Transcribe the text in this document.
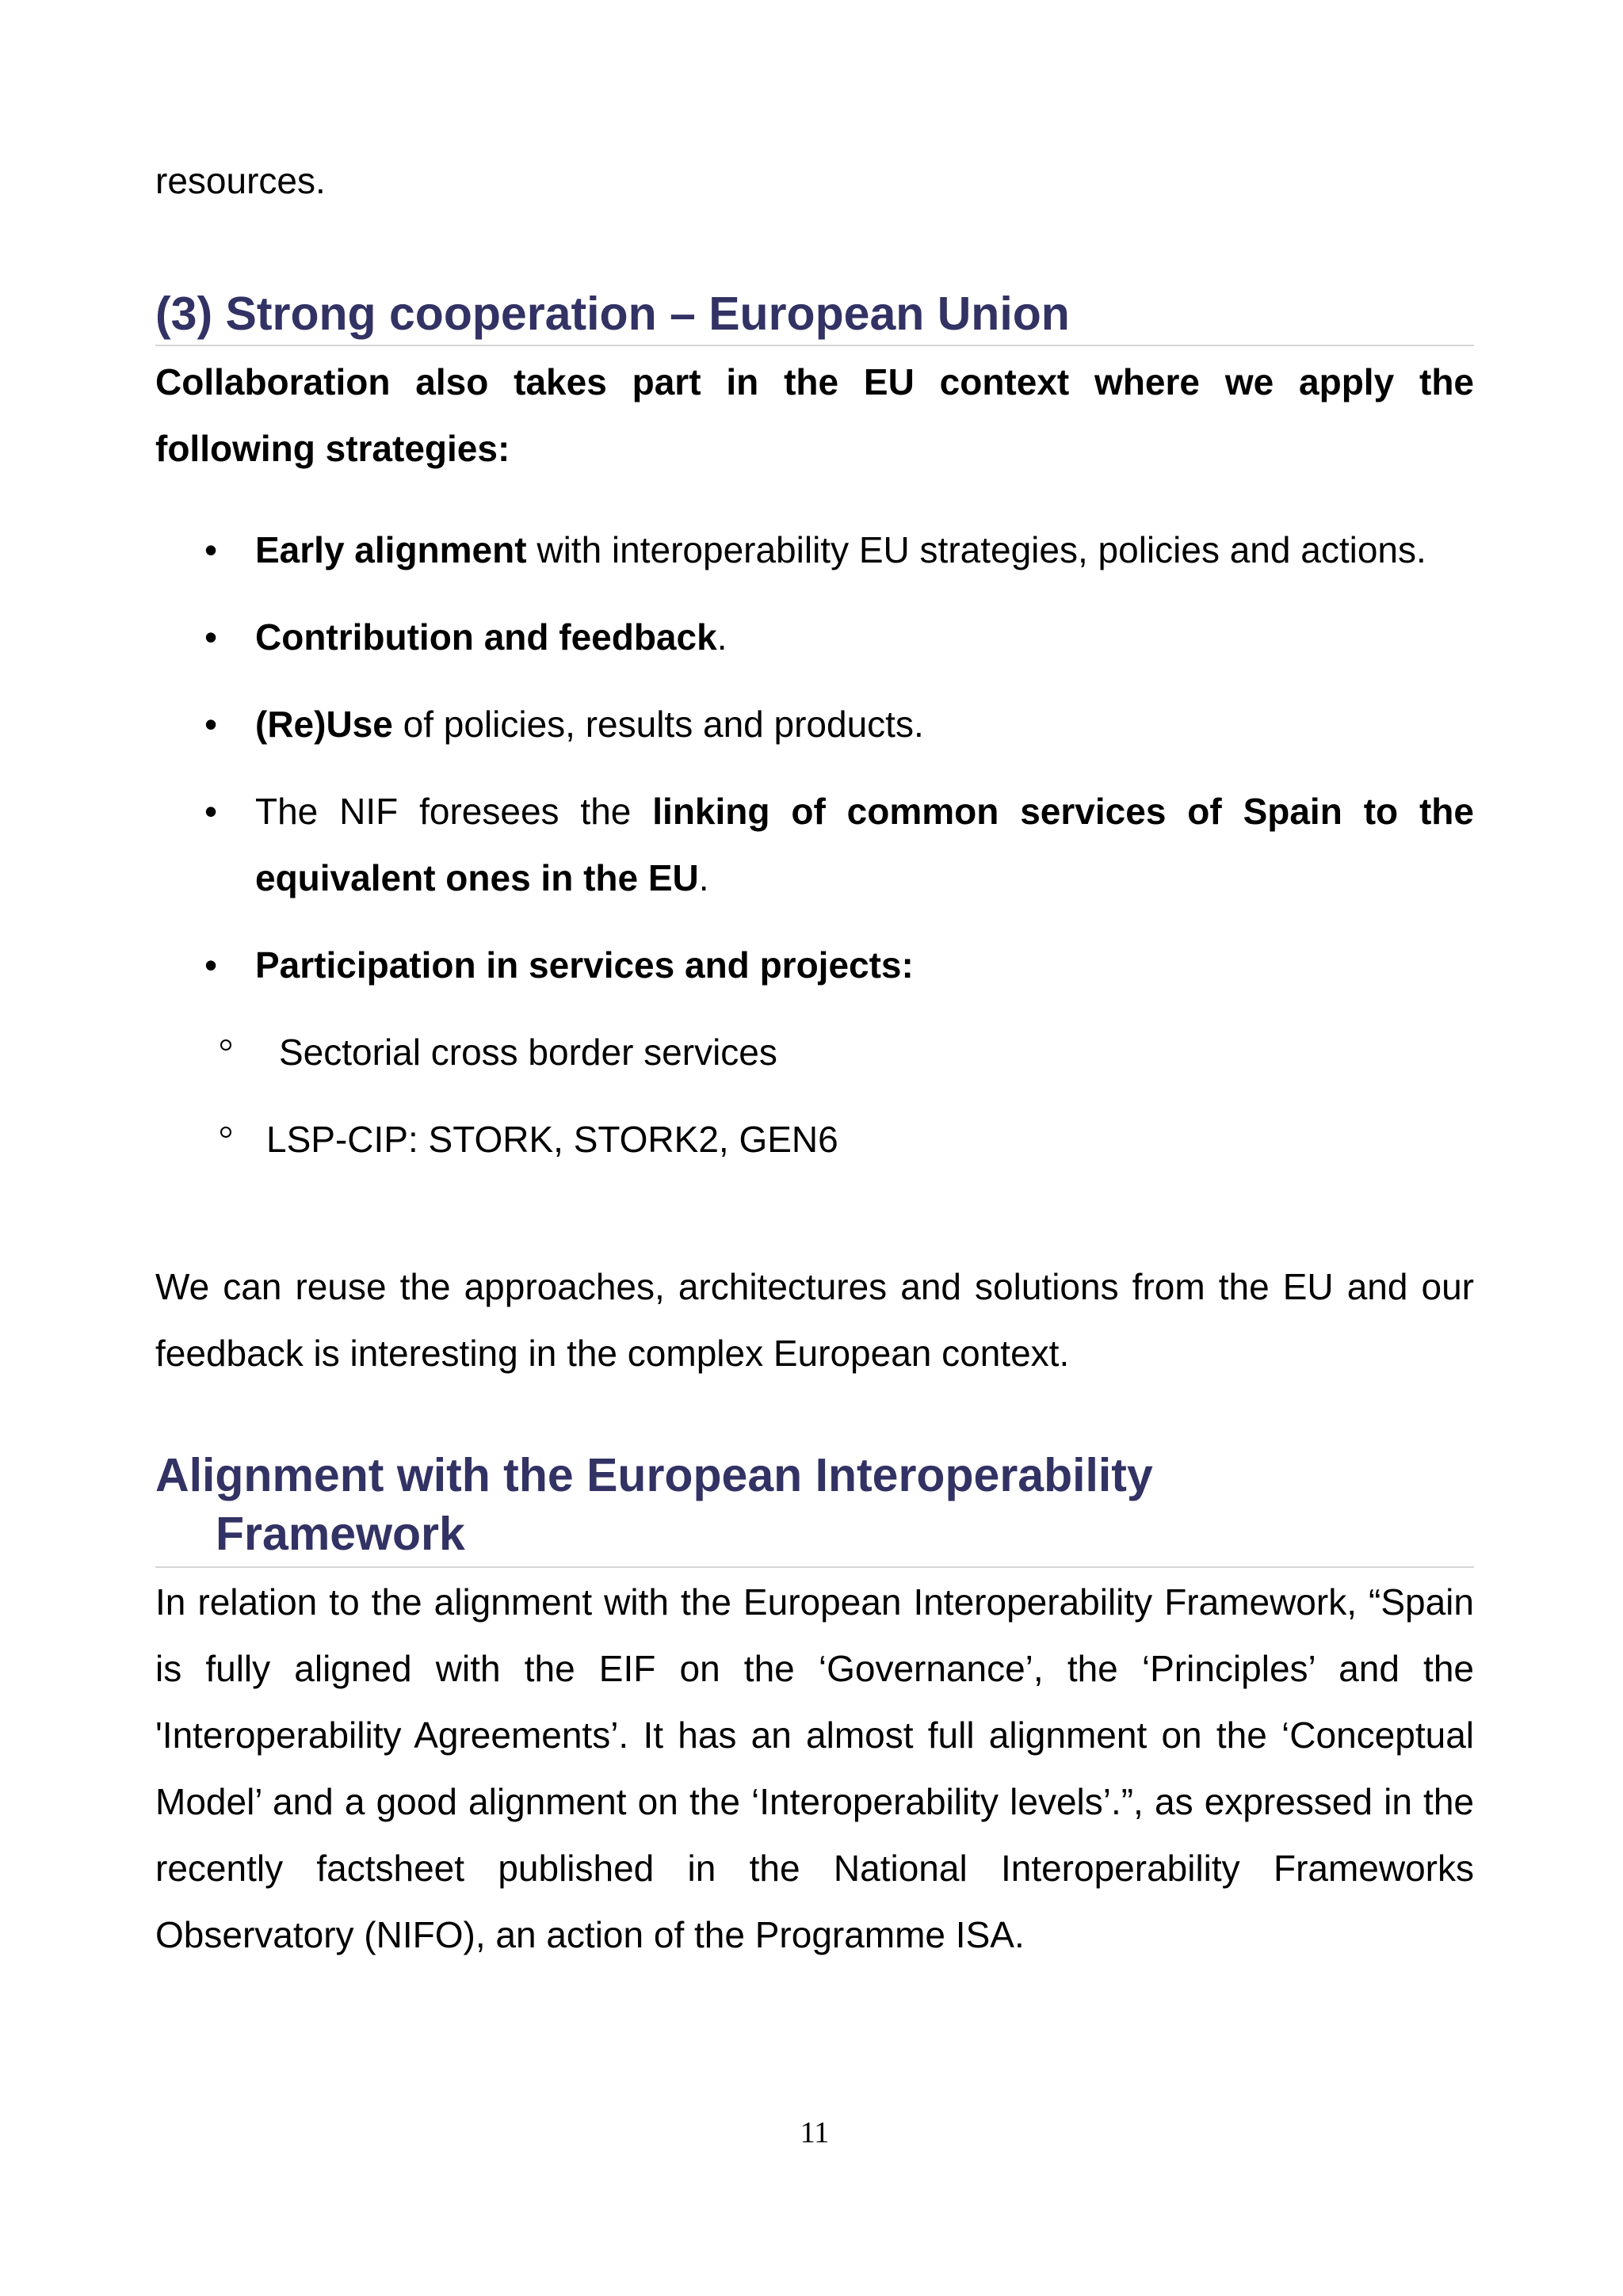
resources.

(3) Strong cooperation – European Union

Collaboration also takes part in the EU context where we apply the following strategies:

• Early alignment with interoperability EU strategies, policies and actions.
• Contribution and feedback.
• (Re)Use of policies, results and products.
• The NIF foresees the linking of common services of Spain to the equivalent ones in the EU.
• Participation in services and projects:
Sectorial cross border services
LSP-CIP: STORK, STORK2, GEN6

We can reuse the approaches, architectures and solutions from the EU and our feedback is interesting in the complex European context.

Alignment with the European Interoperability
Framework

In relation to the alignment with the European Interoperability Framework, “Spain is fully aligned with the EIF on the ‘Governance’, the ‘Principles’ and the 'Interoperability Agreements’. It has an almost full alignment on the ‘Conceptual Model’ and a good alignment on the ‘Interoperability levels’.”, as expressed in the recently factsheet published in the National Interoperability Frameworks Observatory (NIFO), an action of the Programme ISA.

11
